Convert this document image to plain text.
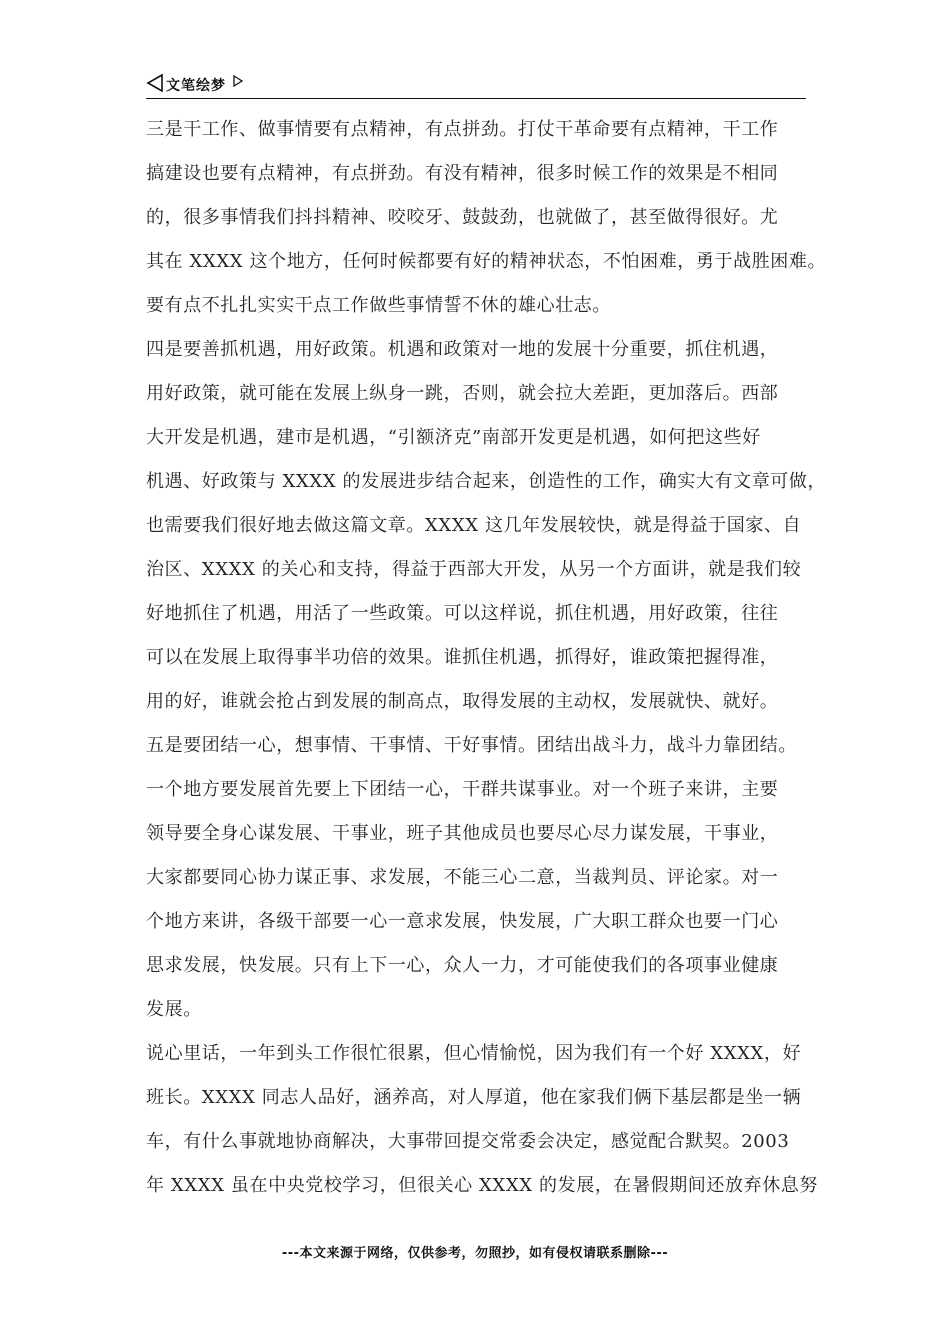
文笔绘梦
三是干工作、做事情要有点精神，有点拼劲。打仗干革命要有点精神，干工作
搞建设也要有点精神，有点拼劲。有没有精神，很多时候工作的效果是不相同
的，很多事情我们抖抖精神、咬咬牙、鼓鼓劲，也就做了，甚至做得很好。尤
其在 XXXX 这个地方，任何时候都要有好的精神状态，不怕困难，勇于战胜困难。
要有点不扎扎实实干点工作做些事情誓不休的雄心壮志。
四是要善抓机遇，用好政策。机遇和政策对一地的发展十分重要，抓住机遇，
用好政策，就可能在发展上纵身一跳，否则，就会拉大差距，更加落后。西部
大开发是机遇，建市是机遇，“引额济克”南部开发更是机遇，如何把这些好
机遇、好政策与 XXXX 的发展进步结合起来，创造性的工作，确实大有文章可做，
也需要我们很好地去做这篇文章。XXXX 这几年发展较快，就是得益于国家、自
治区、XXXX 的关心和支持，得益于西部大开发，从另一个方面讲，就是我们较
好地抓住了机遇，用活了一些政策。可以这样说，抓住机遇，用好政策，往往
可以在发展上取得事半功倍的效果。谁抓住机遇，抓得好，谁政策把握得准，
用的好，谁就会抢占到发展的制高点，取得发展的主动权，发展就快、就好。
五是要团结一心，想事情、干事情、干好事情。团结出战斗力，战斗力靠团结。
一个地方要发展首先要上下团结一心，干群共谋事业。对一个班子来讲，主要
领导要全身心谋发展、干事业，班子其他成员也要尽心尽力谋发展，干事业，
大家都要同心协力谋正事、求发展，不能三心二意，当裁判员、评论家。对一
个地方来讲，各级干部要一心一意求发展，快发展，广大职工群众也要一门心
思求发展，快发展。只有上下一心，众人一力，才可能使我们的各项事业健康
发展。
说心里话，一年到头工作很忙很累，但心情愉悦，因为我们有一个好 XXXX，好
班长。XXXX 同志人品好，涵养高，对人厚道，他在家我们俩下基层都是坐一辆
车，有什么事就地协商解决，大事带回提交常委会决定，感觉配合默契。2003
年 XXXX 虽在中央党校学习，但很关心 XXXX 的发展，在暑假期间还放弃休息努
---本文来源于网络，仅供参考，勿照抄，如有侵权请联系删除---
